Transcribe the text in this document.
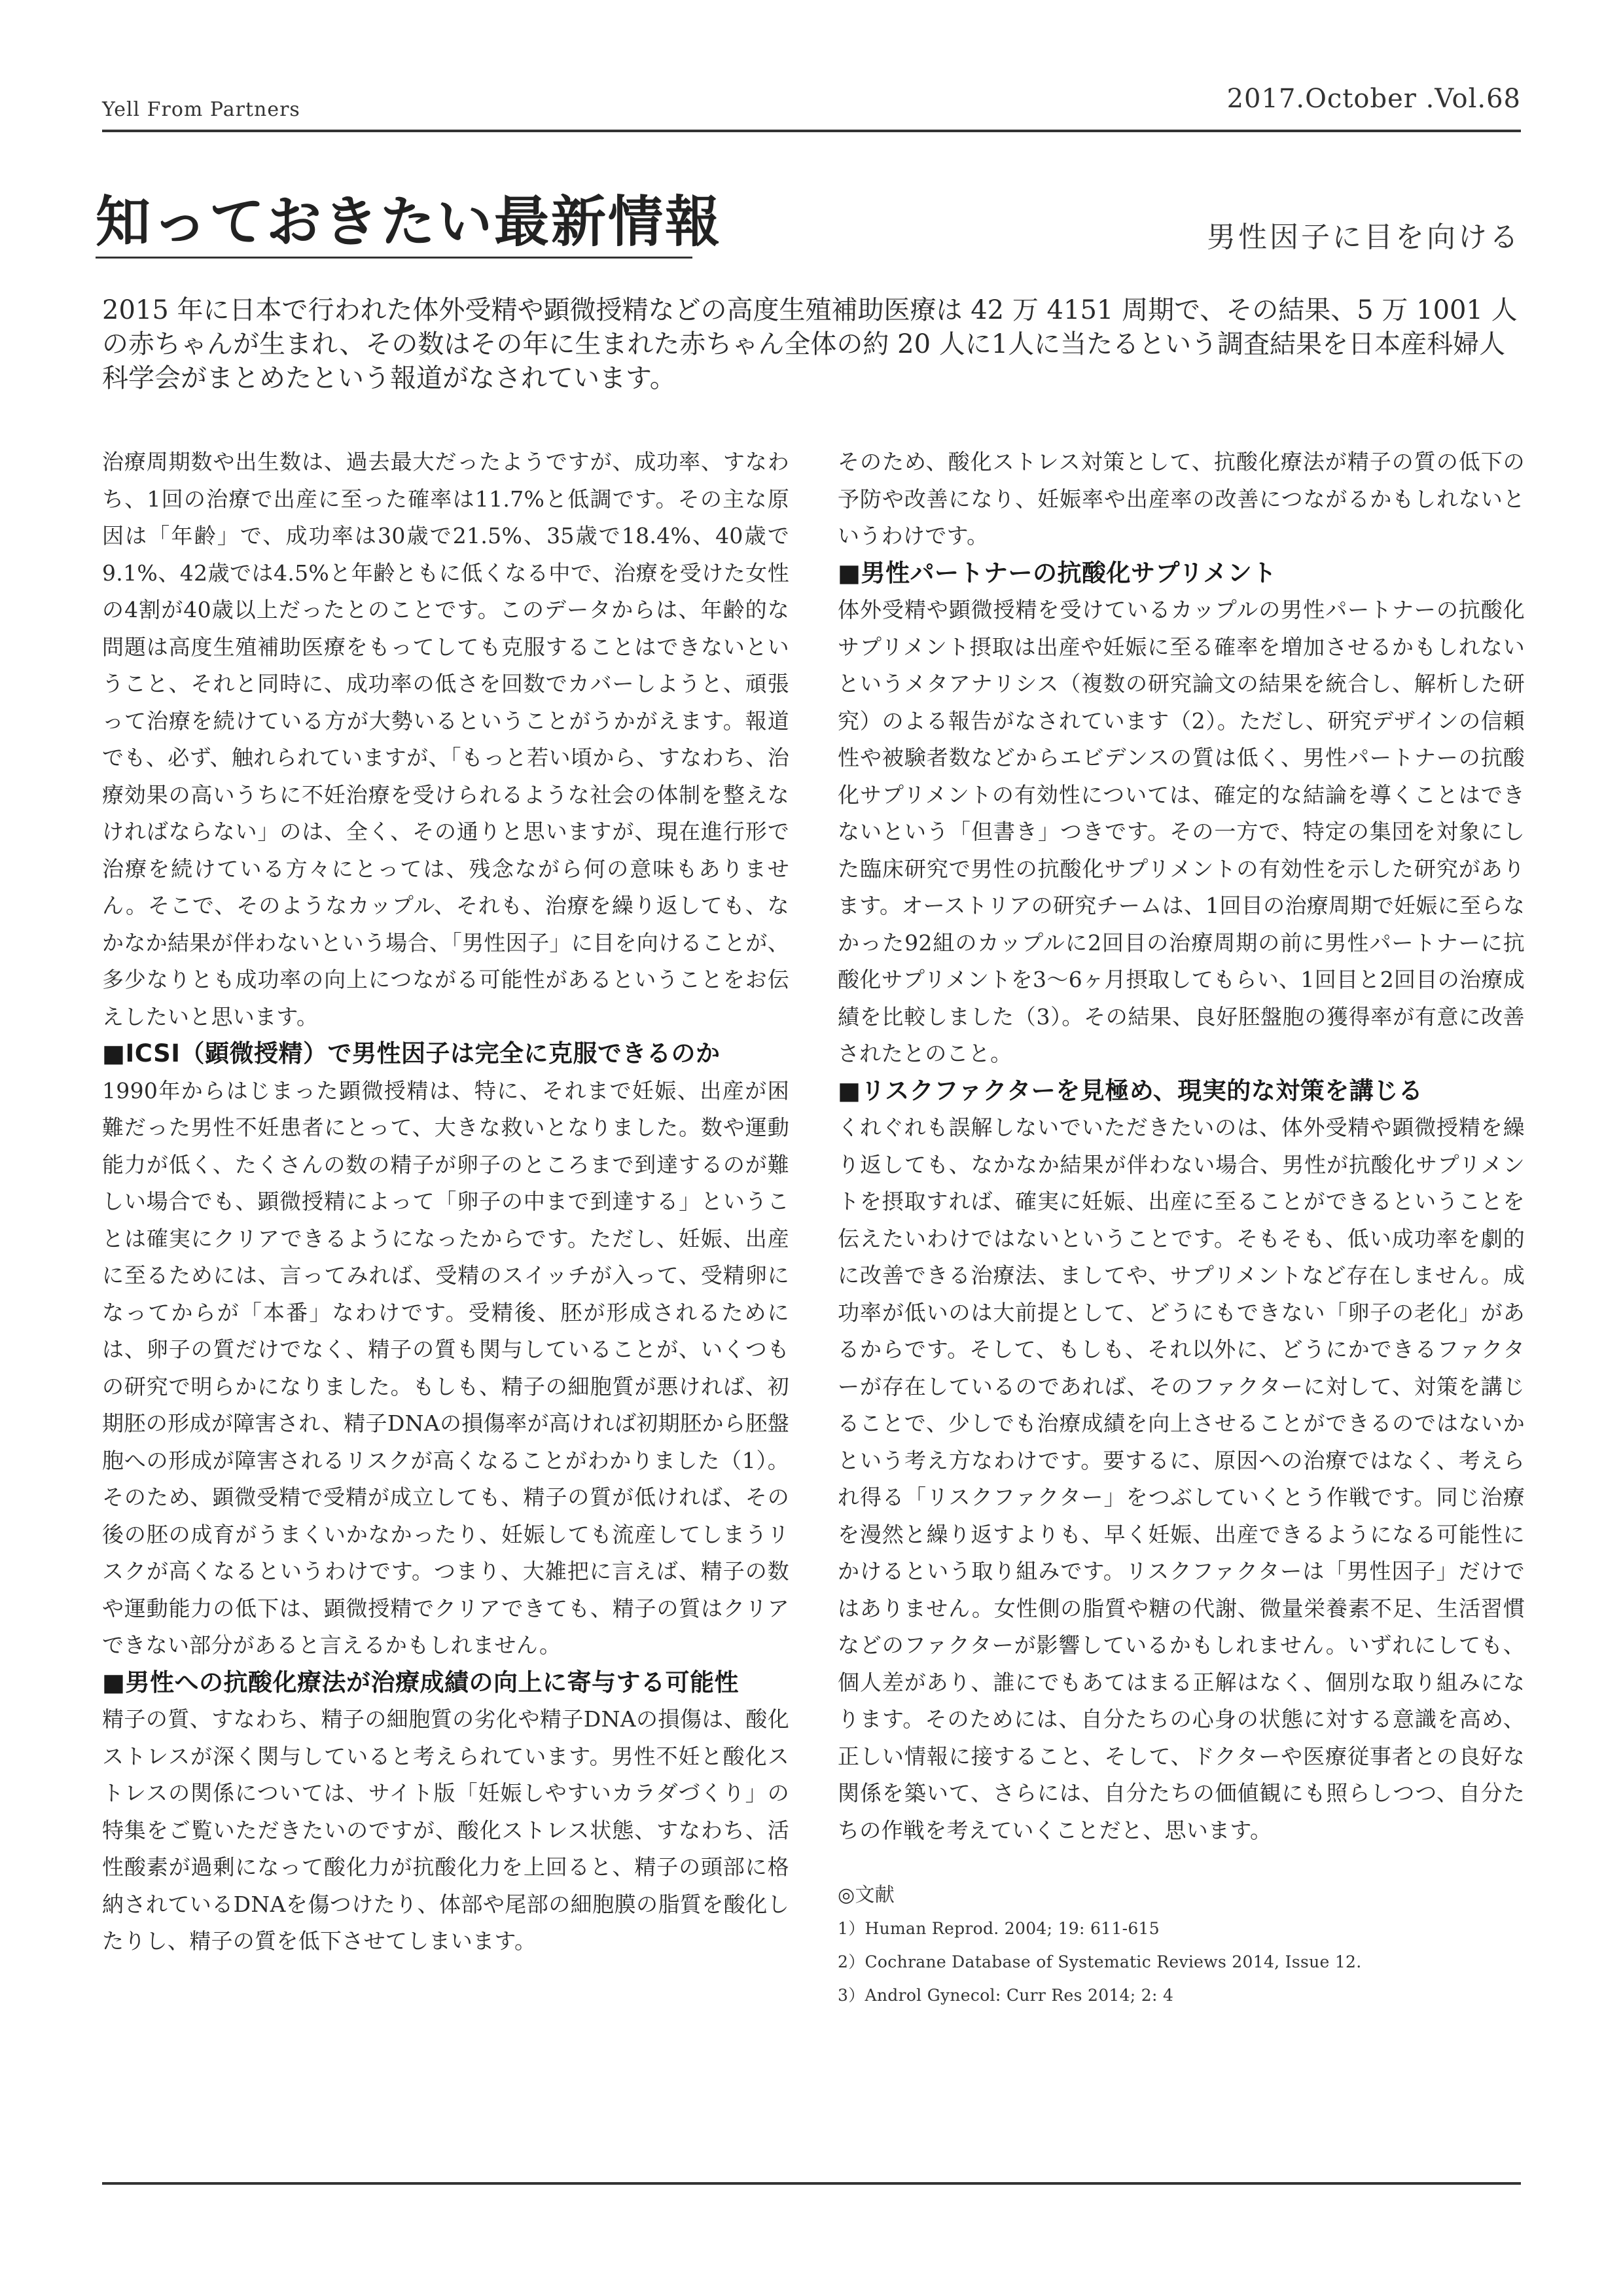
Yell From Partners	2017.October .Vol.68
知っておきたい最新情報	男性因子に目を向ける
2015 年に日本で行われた体外受精や顕微授精などの高度生殖補助医療は 42 万 4151 周期で、その結果、5 万 1001 人の赤ちゃんが生まれ、その数はその年に生まれた赤ちゃん全体の約 20 人に1人に当たるという調査結果を日本産科婦人科学会がまとめたという報道がなされています。

治療周期数や出生数は、過去最大だったようですが、成功率、すなわち、1回の治療で出産に至った確率は11.7%と低調です。その主な原因は「年齢」で、成功率は30歳で21.5%、35歳で18.4%、40歳で9.1%、42歳では4.5%と年齢ともに低くなる中で、治療を受けた女性の4割が40歳以上だったとのことです。このデータからは、年齢的な問題は高度生殖補助医療をもってしても克服することはできないということ、それと同時に、成功率の低さを回数でカバーしようと、頑張って治療を続けている方が大勢いるということがうかがえます。報道でも、必ず、触れられていますが、「もっと若い頃から、すなわち、治療効果の高いうちに不妊治療を受けられるような社会の体制を整えなければならない」のは、全く、その通りと思いますが、現在進行形で治療を続けている方々にとっては、残念ながら何の意味もありません。そこで、そのようなカップル、それも、治療を繰り返しても、なかなか結果が伴わないという場合、「男性因子」に目を向けることが、多少なりとも成功率の向上につながる可能性があるということをお伝えしたいと思います。

■ICSI（顕微授精）で男性因子は完全に克服できるのか

1990年からはじまった顕微授精は、特に、それまで妊娠、出産が困難だった男性不妊患者にとって、大きな救いとなりました。数や運動能力が低く、たくさんの数の精子が卵子のところまで到達するのが難しい場合でも、顕微授精によって「卵子の中まで到達する」ということは確実にクリアできるようになったからです。ただし、妊娠、出産に至るためには、言ってみれば、受精のスイッチが入って、受精卵になってからが「本番」なわけです。受精後、胚が形成されるためには、卵子の質だけでなく、精子の質も関与していることが、いくつもの研究で明らかになりました。もしも、精子の細胞質が悪ければ、初期胚の形成が障害され、精子DNAの損傷率が高ければ初期胚から胚盤胞への形成が障害されるリスクが高くなることがわかりました（1）。そのため、顕微受精で受精が成立しても、精子の質が低ければ、その後の胚の成育がうまくいかなかったり、妊娠しても流産してしまうリスクが高くなるというわけです。つまり、大雑把に言えば、精子の数や運動能力の低下は、顕微授精でクリアできても、精子の質はクリアできない部分があると言えるかもしれません。

■男性への抗酸化療法が治療成績の向上に寄与する可能性

精子の質、すなわち、精子の細胞質の劣化や精子DNAの損傷は、酸化ストレスが深く関与していると考えられています。男性不妊と酸化ストレスの関係については、サイト版「妊娠しやすいカラダづくり」の特集をご覧いただきたいのですが、酸化ストレス状態、すなわち、活性酸素が過剰になって酸化力が抗酸化力を上回ると、精子の頭部に格納されているDNAを傷つけたり、体部や尾部の細胞膜の脂質を酸化したりし、精子の質を低下させてしまいます。

そのため、酸化ストレス対策として、抗酸化療法が精子の質の低下の予防や改善になり、妊娠率や出産率の改善につながるかもしれないというわけです。

■男性パートナーの抗酸化サプリメント

体外受精や顕微授精を受けているカップルの男性パートナーの抗酸化サプリメント摂取は出産や妊娠に至る確率を増加させるかもしれないというメタアナリシス（複数の研究論文の結果を統合し、解析した研究）のよる報告がなされています（2）。ただし、研究デザインの信頼性や被験者数などからエビデンスの質は低く、男性パートナーの抗酸化サプリメントの有効性については、確定的な結論を導くことはできないという「但書き」つきです。その一方で、特定の集団を対象にした臨床研究で男性の抗酸化サプリメントの有効性を示した研究があります。オーストリアの研究チームは、1回目の治療周期で妊娠に至らなかった92組のカップルに2回目の治療周期の前に男性パートナーに抗酸化サプリメントを3～6ヶ月摂取してもらい、1回目と2回目の治療成績を比較しました（3）。その結果、良好胚盤胞の獲得率が有意に改善されたとのこと。

■リスクファクターを見極め、現実的な対策を講じる

くれぐれも誤解しないでいただきたいのは、体外受精や顕微授精を繰り返しても、なかなか結果が伴わない場合、男性が抗酸化サプリメントを摂取すれば、確実に妊娠、出産に至ることができるということを伝えたいわけではないということです。そもそも、低い成功率を劇的に改善できる治療法、ましてや、サプリメントなど存在しません。成功率が低いのは大前提として、どうにもできない「卵子の老化」があるからです。そして、もしも、それ以外に、どうにかできるファクターが存在しているのであれば、そのファクターに対して、対策を講じることで、少しでも治療成績を向上させることができるのではないかという考え方なわけです。要するに、原因への治療ではなく、考えられ得る「リスクファクター」をつぶしていくとう作戦です。同じ治療を漫然と繰り返すよりも、早く妊娠、出産できるようになる可能性にかけるという取り組みです。リスクファクターは「男性因子」だけではありません。女性側の脂質や糖の代謝、微量栄養素不足、生活習慣などのファクターが影響しているかもしれません。いずれにしても、個人差があり、誰にでもあてはまる正解はなく、個別な取り組みになります。そのためには、自分たちの心身の状態に対する意識を高め、正しい情報に接すること、そして、ドクターや医療従事者との良好な関係を築いて、さらには、自分たちの価値観にも照らしつつ、自分たちの作戦を考えていくことだと、思います。

◎文献
1）Human Reprod. 2004; 19: 611-615
2）Cochrane Database of Systematic Reviews 2014, Issue 12.
3）Androl Gynecol: Curr Res 2014; 2: 4
